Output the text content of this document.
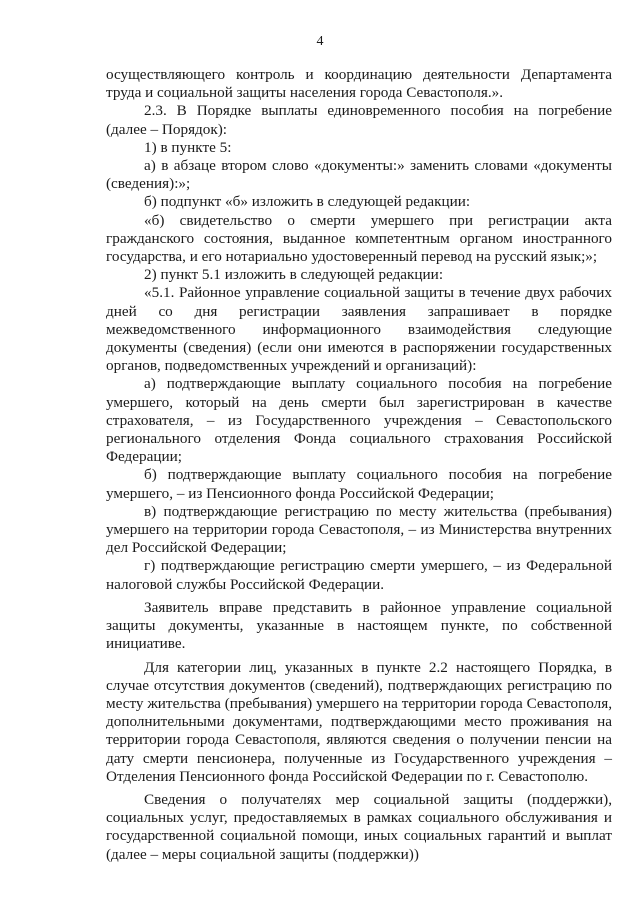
4

осуществляющего контроль и координацию деятельности Департамента труда и социальной защиты населения города Севастополя.».

2.3. В Порядке выплаты единовременного пособия на погребение (далее – Порядок):

1) в пункте 5:

а) в абзаце втором слово «документы:» заменить словами «документы (сведения):»;

б) подпункт «б» изложить в следующей редакции:

«б) свидетельство о смерти умершего при регистрации акта гражданского состояния, выданное компетентным органом иностранного государства, и его нотариально удостоверенный перевод на русский язык;»;

2) пункт 5.1 изложить в следующей редакции:

«5.1. Районное управление социальной защиты в течение двух рабочих дней со дня регистрации заявления запрашивает в порядке межведомственного информационного взаимодействия следующие документы (сведения) (если они имеются в распоряжении государственных органов, подведомственных учреждений и организаций):

а) подтверждающие выплату социального пособия на погребение умершего, который на день смерти был зарегистрирован в качестве страхователя, – из Государственного учреждения – Севастопольского регионального отделения Фонда социального страхования Российской Федерации;

б) подтверждающие выплату социального пособия на погребение умершего, – из Пенсионного фонда Российской Федерации;

в) подтверждающие регистрацию по месту жительства (пребывания) умершего на территории города Севастополя, – из Министерства внутренних дел Российской Федерации;

г) подтверждающие регистрацию смерти умершего, – из Федеральной налоговой службы Российской Федерации.

Заявитель вправе представить в районное управление социальной защиты документы, указанные в настоящем пункте, по собственной инициативе.

Для категории лиц, указанных в пункте 2.2 настоящего Порядка, в случае отсутствия документов (сведений), подтверждающих регистрацию по месту жительства (пребывания) умершего на территории города Севастополя, дополнительными документами, подтверждающими место проживания на территории города Севастополя, являются сведения о получении пенсии на дату смерти пенсионера, полученные из Государственного учреждения – Отделения Пенсионного фонда Российской Федерации по г. Севастополю.

Сведения о получателях мер социальной защиты (поддержки), социальных услуг, предоставляемых в рамках социального обслуживания и государственной социальной помощи, иных социальных гарантий и выплат (далее – меры социальной защиты (поддержки))
